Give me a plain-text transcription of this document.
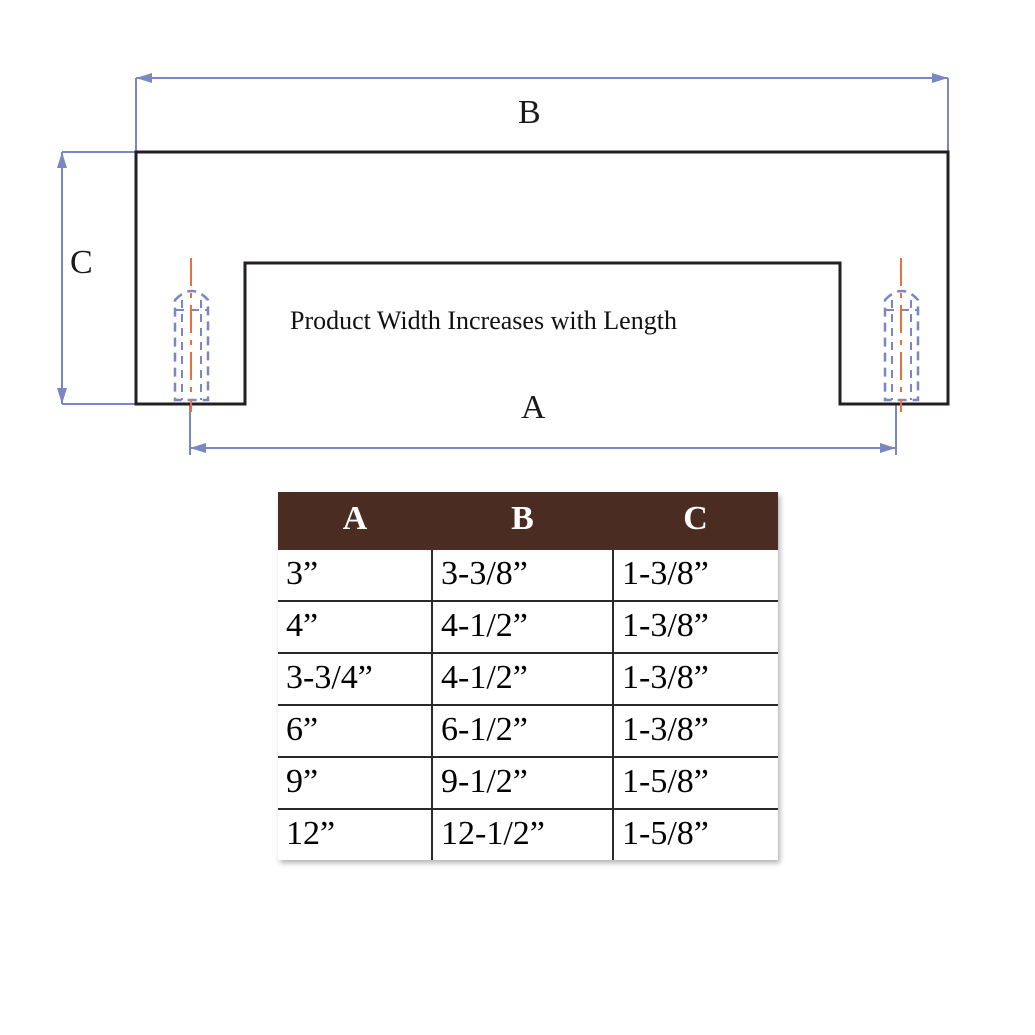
B
C
A
Product Width Increases with Length
A	B	C
3”	3-3/8”	1-3/8”
4”	4-1/2”	1-3/8”
3-3/4”	4-1/2”	1-3/8”
6”	6-1/2”	1-3/8”
9”	9-1/2”	1-5/8”
12”	12-1/2”	1-5/8”
